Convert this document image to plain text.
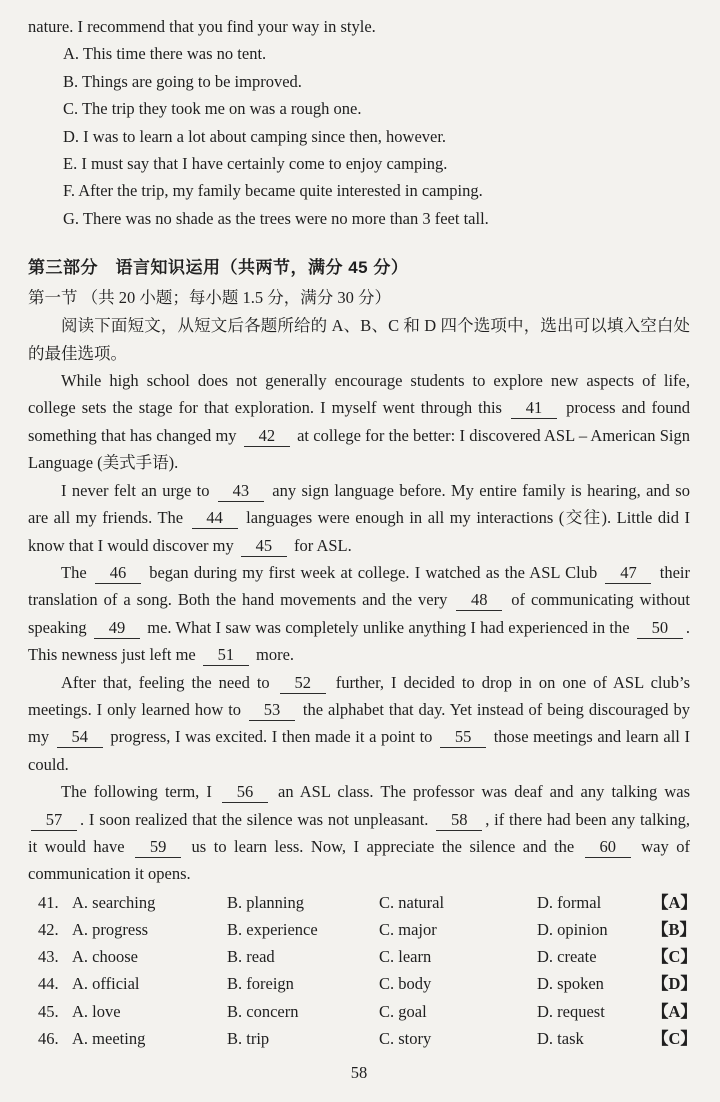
nature. I recommend that you find your way in style.

A. This time there was no tent.

B. Things are going to be improved.

C. The trip they took me on was a rough one.

D. I was to learn a lot about camping since then, however.

E. I must say that I have certainly come to enjoy camping.

F. After the trip, my family became quite interested in camping.

G. There was no shade as the trees were no more than 3 feet tall.

第三部分　语言知识运用（共两节，满分 45 分）

第一节 （共 20 小题；每小题 1.5 分，满分 30 分）

阅读下面短文，从短文后各题所给的 A、B、C 和 D 四个选项中，选出可以填入空白处的最佳选项。

While high school does not generally encourage students to explore new aspects of life, college sets the stage for that exploration. I myself went through this 41 process and found something that has changed my 42 at college for the better: I discovered ASL – American Sign Language (美式手语).

I never felt an urge to 43 any sign language before. My entire family is hearing, and so are all my friends. The 44 languages were enough in all my interactions (交往). Little did I know that I would discover my 45 for ASL.

The 46 began during my first week at college. I watched as the ASL Club 47 their translation of a song. Both the hand movements and the very 48 of communicating without speaking 49 me. What I saw was completely unlike anything I had experienced in the 50 . This newness just left me 51 more.

After that, feeling the need to 52 further, I decided to drop in on one of ASL club’s meetings. I only learned how to 53 the alphabet that day. Yet instead of being discouraged by my 54 progress, I was excited. I then made it a point to 55 those meetings and learn all I could.

The following term, I 56 an ASL class. The professor was deaf and any talking was 57 . I soon realized that the silence was not unpleasant. 58 , if there had been any talking, it would have 59 us to learn less. Now, I appreciate the silence and the 60 way of communication it opens.

41. A. searching	B. planning	C. natural	D. formal	【A】
42. A. progress	B. experience	C. major	D. opinion	【B】
43. A. choose	B. read	C. learn	D. create	【C】
44. A. official	B. foreign	C. body	D. spoken	【D】
45. A. love	B. concern	C. goal	D. request	【A】
46. A. meeting	B. trip	C. story	D. task	【C】
58
